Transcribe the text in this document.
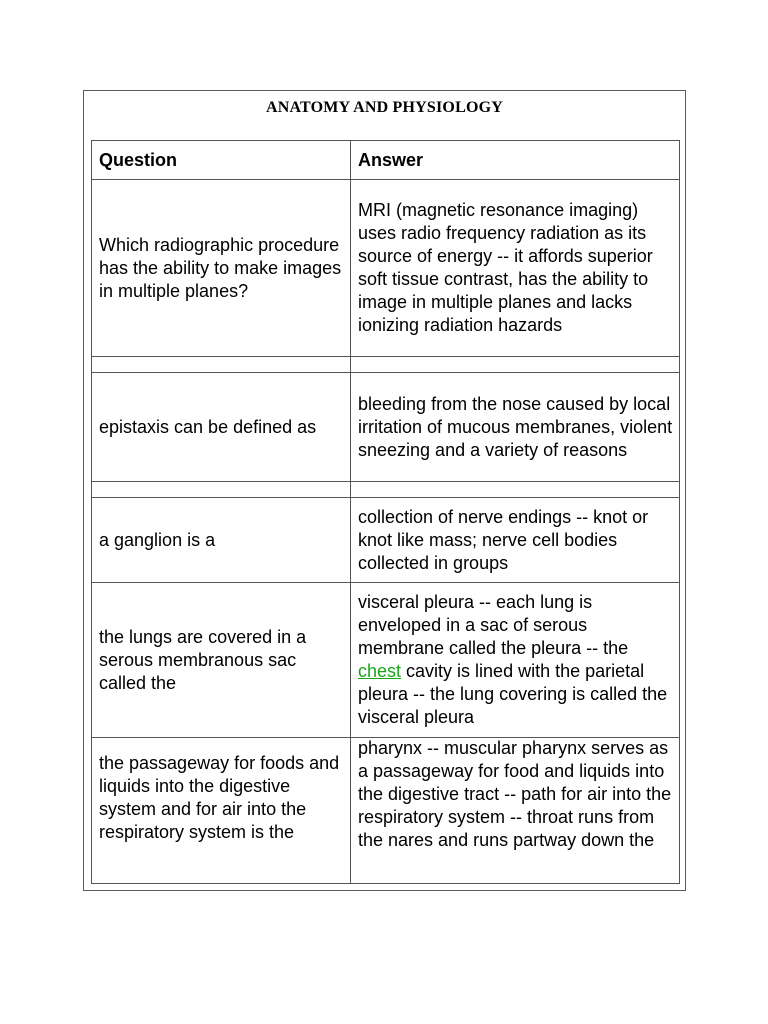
ANATOMY AND PHYSIOLOGY
Question	Answer
Which radiographic procedure has the ability to make images in multiple planes?	MRI (magnetic resonance imaging) uses radio frequency radiation as its source of energy -- it affords superior soft tissue contrast, has the ability to image in multiple planes and lacks ionizing radiation hazards

epistaxis can be defined as	bleeding from the nose caused by local irritation of mucous membranes, violent sneezing and a variety of reasons

a ganglion is a	collection of nerve endings -- knot or knot like mass; nerve cell bodies collected in groups
the lungs are covered in a serous membranous sac called the	visceral pleura -- each lung is enveloped in a sac of serous membrane called the pleura -- the chest cavity is lined with the parietal pleura -- the lung covering is called the visceral pleura

the passageway for foods and liquids into the digestive system and for air into the respiratory system is the	pharynx -- muscular pharynx serves as a passageway for food and liquids into the digestive tract -- path for air into the respiratory system -- throat runs from the nares and runs partway down the
